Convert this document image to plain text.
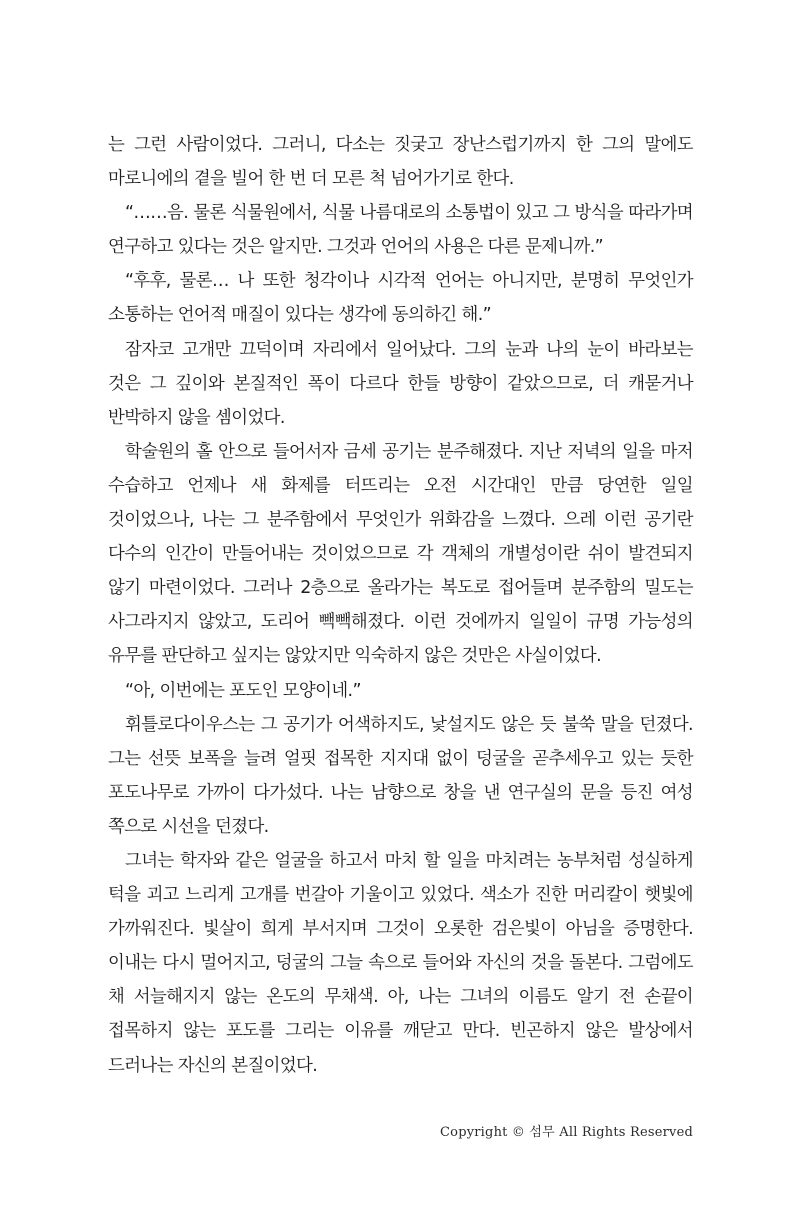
는 그런 사람이었다. 그러니, 다소는 짓궂고 장난스럽기까지 한 그의 말에도 마로니에의 곁을 빌어 한 번 더 모른 척 넘어가기로 한다.

“……음. 물론 식물원에서, 식물 나름대로의 소통법이 있고 그 방식을 따라가며 연구하고 있다는 것은 알지만. 그것과 언어의 사용은 다른 문제니까.”

“후후, 물론… 나 또한 청각이나 시각적 언어는 아니지만, 분명히 무엇인가 소통하는 언어적 매질이 있다는 생각에 동의하긴 해.”

잠자코 고개만 끄덕이며 자리에서 일어났다. 그의 눈과 나의 눈이 바라보는 것은 그 깊이와 본질적인 폭이 다르다 한들 방향이 같았으므로, 더 캐묻거나 반박하지 않을 셈이었다.

학술원의 홀 안으로 들어서자 금세 공기는 분주해졌다. 지난 저녁의 일을 마저 수습하고 언제나 새 화제를 터뜨리는 오전 시간대인 만큼 당연한 일일 것이었으나, 나는 그 분주함에서 무엇인가 위화감을 느꼈다. 으레 이런 공기란 다수의 인간이 만들어내는 것이었으므로 각 객체의 개별성이란 쉬이 발견되지 않기 마련이었다. 그러나 2층으로 올라가는 복도로 접어들며 분주함의 밀도는 사그라지지 않았고, 도리어 빽빽해졌다. 이런 것에까지 일일이 규명 가능성의 유무를 판단하고 싶지는 않았지만 익숙하지 않은 것만은 사실이었다.

“아, 이번에는 포도인 모양이네.”

휘틀로다이우스는 그 공기가 어색하지도, 낯설지도 않은 듯 불쑥 말을 던졌다. 그는 선뜻 보폭을 늘려 얼핏 접목한 지지대 없이 덩굴을 곧추세우고 있는 듯한 포도나무로 가까이 다가섰다. 나는 남향으로 창을 낸 연구실의 문을 등진 여성 쪽으로 시선을 던졌다.

그녀는 학자와 같은 얼굴을 하고서 마치 할 일을 마치려는 농부처럼 성실하게 턱을 괴고 느리게 고개를 번갈아 기울이고 있었다. 색소가 진한 머리칼이 햇빛에 가까워진다. 빛살이 희게 부서지며 그것이 오롯한 검은빛이 아님을 증명한다. 이내는 다시 멀어지고, 덩굴의 그늘 속으로 들어와 자신의 것을 돌본다. 그럼에도 채 서늘해지지 않는 온도의 무채색. 아, 나는 그녀의 이름도 알기 전 손끝이 접목하지 않는 포도를 그리는 이유를 깨닫고 만다. 빈곤하지 않은 발상에서 드러나는 자신의 본질이었다.

Copyright © 섬무 All Rights Reserved
